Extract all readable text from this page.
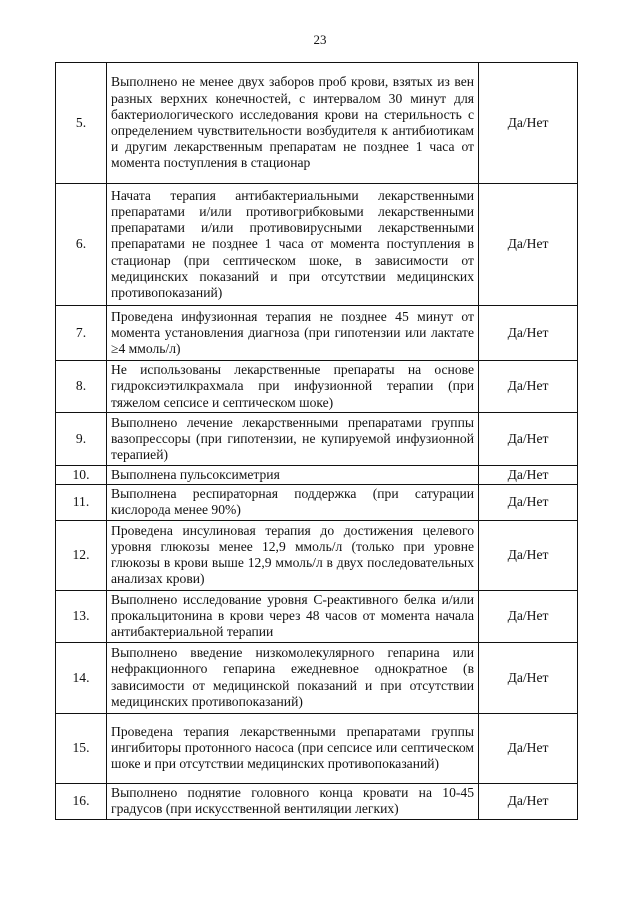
23
5.	Выполнено не менее двух заборов проб крови, взятых из вен разных верхних конечностей, с интервалом 30 минут для бактериологического исследования крови на стерильность с определением чувствительности возбудителя к антибиотикам и другим лекарственным препаратам не позднее 1 часа от момента поступления в стационар	Да/Нет
6.	Начата терапия антибактериальными лекарственными препаратами и/или противогрибковыми лекарственными препаратами и/или противовирусными лекарственными препаратами не позднее 1 часа от момента поступления в стационар (при септическом шоке, в зависимости от медицинских показаний и при отсутствии медицинских противопоказаний)	Да/Нет
7.	Проведена инфузионная терапия не позднее 45 минут от момента установления диагноза (при гипотензии или лактате ≥4 ммоль/л)	Да/Нет
8.	Не использованы лекарственные препараты на основе гидроксиэтилкрахмала при инфузионной терапии (при тяжелом сепсисе и септическом шоке)	Да/Нет
9.	Выполнено лечение лекарственными препаратами группы вазопрессоры (при гипотензии, не купируемой инфузионной терапией)	Да/Нет
10.	Выполнена пульсоксиметрия	Да/Нет
11.	Выполнена респираторная поддержка (при сатурации кислорода менее 90%)	Да/Нет
12.	Проведена инсулиновая терапия до достижения целевого уровня глюкозы менее 12,9 ммоль/л (только при уровне глюкозы в крови выше 12,9 ммоль/л в двух последовательных анализах крови)	Да/Нет
13.	Выполнено исследование уровня С-реактивного белка и/или прокальцитонина в крови через 48 часов от момента начала антибактериальной терапии	Да/Нет
14.	Выполнено введение низкомолекулярного гепарина или нефракционного гепарина ежедневное однократное (в зависимости от медицинской показаний и при отсутствии медицинских противопоказаний)	Да/Нет
15.	Проведена терапия лекарственными препаратами группы ингибиторы протонного насоса (при сепсисе или септическом шоке и при отсутствии медицинских противопоказаний)	Да/Нет
16.	Выполнено поднятие головного конца кровати на 10-45 градусов (при искусственной вентиляции легких)	Да/Нет
